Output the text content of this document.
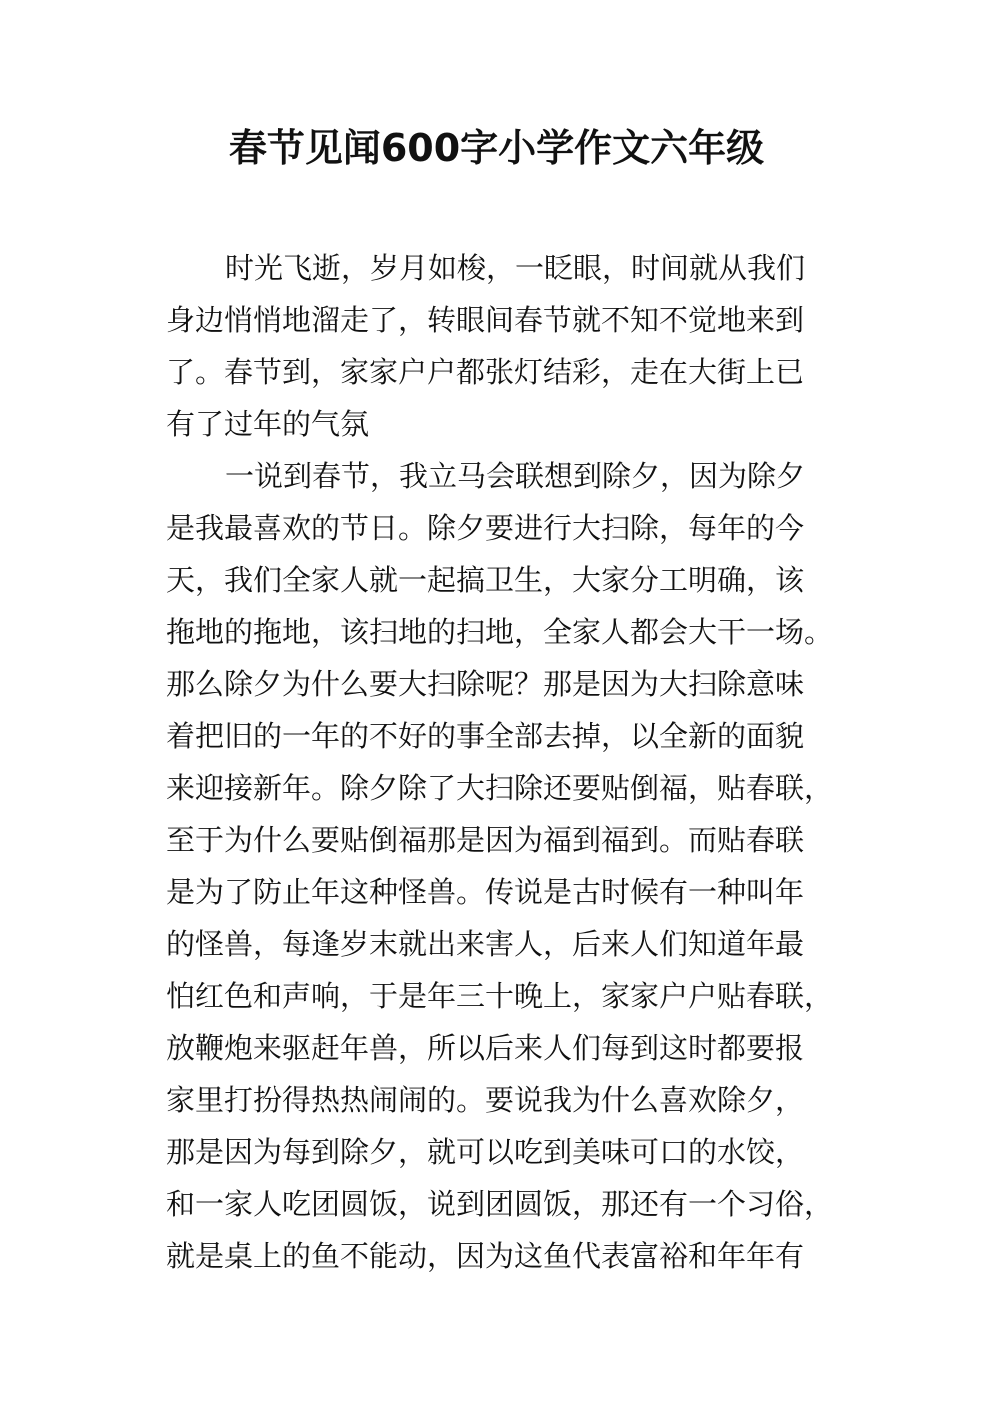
春节见闻600字小学作文六年级

时光飞逝，岁月如梭，一眨眼，时间就从我们

身边悄悄地溜走了，转眼间春节就不知不觉地来到

了。春节到，家家户户都张灯结彩，走在大街上已

有了过年的气氛

一说到春节，我立马会联想到除夕，因为除夕

是我最喜欢的节日。除夕要进行大扫除，每年的今

天，我们全家人就一起搞卫生，大家分工明确，该

拖地的拖地，该扫地的扫地，全家人都会大干一场。

那么除夕为什么要大扫除呢？那是因为大扫除意味

着把旧的一年的不好的事全部去掉，以全新的面貌

来迎接新年。除夕除了大扫除还要贴倒福，贴春联，

至于为什么要贴倒福那是因为福到福到。而贴春联

是为了防止年这种怪兽。传说是古时候有一种叫年

的怪兽，每逢岁末就出来害人，后来人们知道年最

怕红色和声响，于是年三十晚上，家家户户贴春联，

放鞭炮来驱赶年兽，所以后来人们每到这时都要报

家里打扮得热热闹闹的。要说我为什么喜欢除夕，

那是因为每到除夕，就可以吃到美味可口的水饺，

和一家人吃团圆饭，说到团圆饭，那还有一个习俗，

就是桌上的鱼不能动，因为这鱼代表富裕和年年有
